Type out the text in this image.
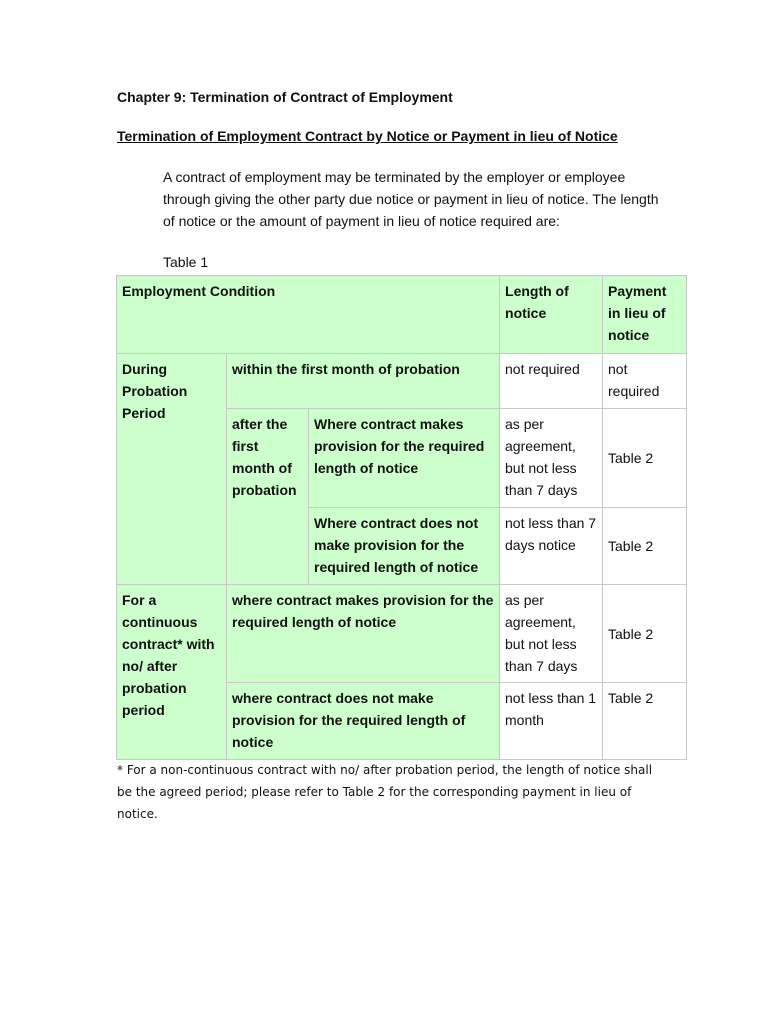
Chapter 9: Termination of Contract of Employment
Termination of Employment Contract by Notice or Payment in lieu of Notice

A contract of employment may be terminated by the employer or employee through giving the other party due notice or payment in lieu of notice. The length of notice or the amount of payment in lieu of notice required are:

Table 1

Employment Condition			Length of notice	Payment in lieu of notice
During Probation Period	within the first month of probation		not required	not required
	after the first month of probation	Where contract makes provision for the required length of notice	as per agreement, but not less than 7 days	Table 2
		Where contract does not make provision for the required length of notice	not less than 7 days notice	Table 2
For a continuous contract* with no/ after probation period	where contract makes provision for the required length of notice		as per agreement, but not less than 7 days	Table 2
	where contract does not make provision for the required length of notice		not less than 1 month	Table 2

* For a non-continuous contract with no/ after probation period, the length of notice shall be the agreed period; please refer to Table 2 for the corresponding payment in lieu of notice.
